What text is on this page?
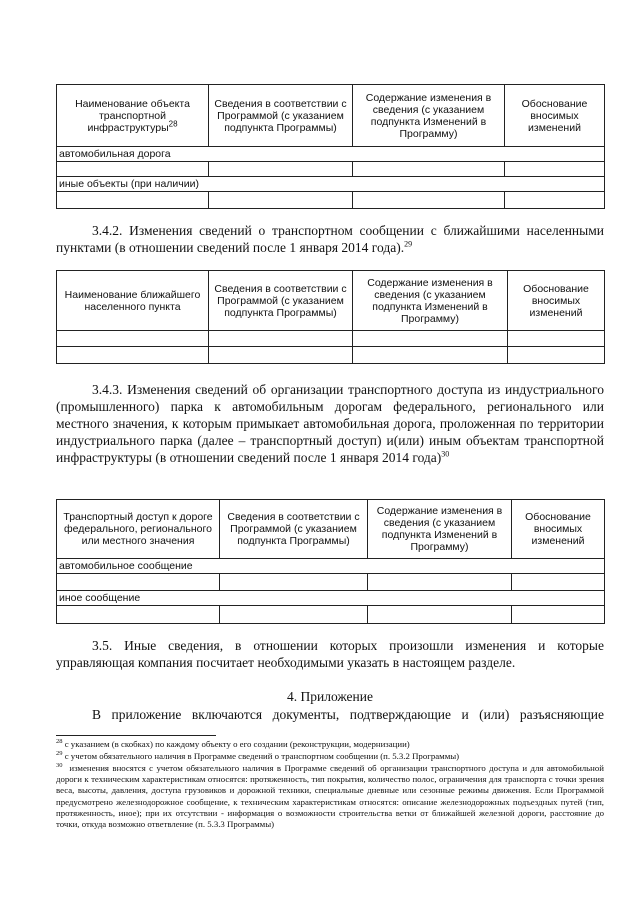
Наименование объекта транспортной инфраструктуры$^{28}$	Сведения в соответствии с Программой (с указанием подпункта Программы)	Содержание изменения в сведения (с указанием подпункта Изменений в Программу)	Обоснование вносимых изменений
автомобильная дорога			

иные объекты (при наличии)			

3.4.2. Изменения сведений о транспортном сообщении с ближайшими населенными пунктами (в отношении сведений после 1 января 2014 года).$^{29}$
Наименование ближайшего населенного пункта	Сведения в соответствии с Программой (с указанием подпункта Программы)	Содержание изменения в сведения (с указанием подпункта Изменений в Программу)	Обоснование вносимых изменений

3.4.3. Изменения сведений об организации транспортного доступа из индустриального (промышленного) парка к автомобильным дорогам федерального, регионального или местного значения, к которым примыкает автомобильная дорога, проложенная по территории индустриального парка (далее – транспортный доступ) и(или) иным объектам транспортной инфраструктуры (в отношении сведений после 1 января 2014 года)$^{30}$
Транспортный доступ к дороге федерального, регионального или местного значения	Сведения в соответствии с Программой (с указанием подпункта Программы)	Содержание изменения в сведения (с указанием подпункта Изменений в Программу)	Обоснование вносимых изменений
автомобильное сообщение			

иное сообщение			

3.5. Иные сведения, в отношении которых произошли изменения и которые управляющая компания посчитает необходимыми указать в настоящем разделе.
4. Приложение
В приложение включаются документы, подтверждающие и (или) разъясняющие
$^{28}$ с указанием (в скобках) по каждому объекту о его создании (реконструкции, модернизации)
$^{29}$ с учетом обязательного наличия в Программе сведений о транспортном сообщении (п. 5.3.2 Программы)
$^{30}$ изменения вносятся с учетом обязательного наличия в Программе сведений об организации транспортного доступа и для автомобильной дороги к техническим характеристикам относятся: протяженность, тип покрытия, количество полос, ограничения для транспорта с точки зрения веса, высоты, давления, доступа грузовиков и дорожной техники, специальные дневные или сезонные режимы движения. Если Программой предусмотрено железнодорожное сообщение, к техническим характеристикам относятся: описание железнодорожных подъездных путей (тип, протяженность, иное); при их отсутствии - информация о возможности строительства ветки от ближайшей железной дороги, расстояние до точки, откуда возможно ответвление (п. 5.3.3 Программы)
